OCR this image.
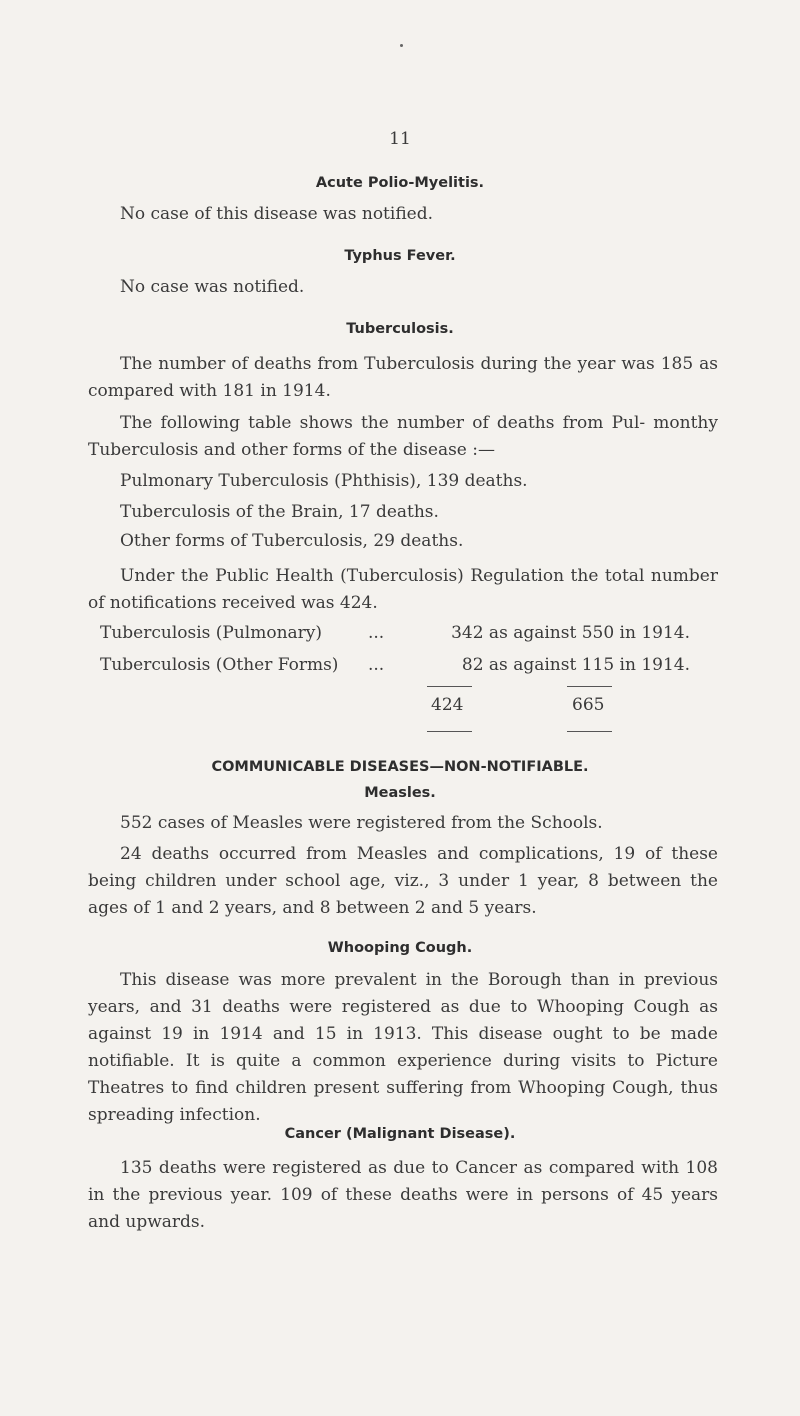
11
Acute Polio-Myelitis.
No case of this disease was notified.
Typhus Fever.
No case was notified.
Tuberculosis.
The number of deaths from Tuberculosis during the year was 185 as compared with 181 in 1914.
The following table shows the number of deaths from Pul- monthy Tuberculosis and other forms of the disease :—
Pulmonary Tuberculosis (Phthisis), 139 deaths.
Tuberculosis of the Brain, 17 deaths.
Other forms of Tuberculosis, 29 deaths.
Under the Public Health (Tuberculosis) Regulation the total number of notifications received was 424.
Tuberculosis (Pulmonary)	...	342 as against 550 in 1914.
Tuberculosis (Other Forms) ...	82 as against 115 in 1914.
424	665
COMMUNICABLE DISEASES—NON-NOTIFIABLE.
Measles.
552 cases of Measles were registered from the Schools.
24 deaths occurred from Measles and complications, 19 of these being children under school age, viz., 3 under 1 year, 8 between the ages of 1 and 2 years, and 8 between 2 and 5 years.
Whooping Cough.
This disease was more prevalent in the Borough than in previous years, and 31 deaths were registered as due to Whooping Cough as against 19 in 1914 and 15 in 1913. This disease ought to be made notifiable. It is quite a common experience during visits to Picture Theatres to find children present suffering from Whooping Cough, thus spreading infection.
Cancer (Malignant Disease).
135 deaths were registered as due to Cancer as compared with 108 in the previous year. 109 of these deaths were in persons of 45 years and upwards.
